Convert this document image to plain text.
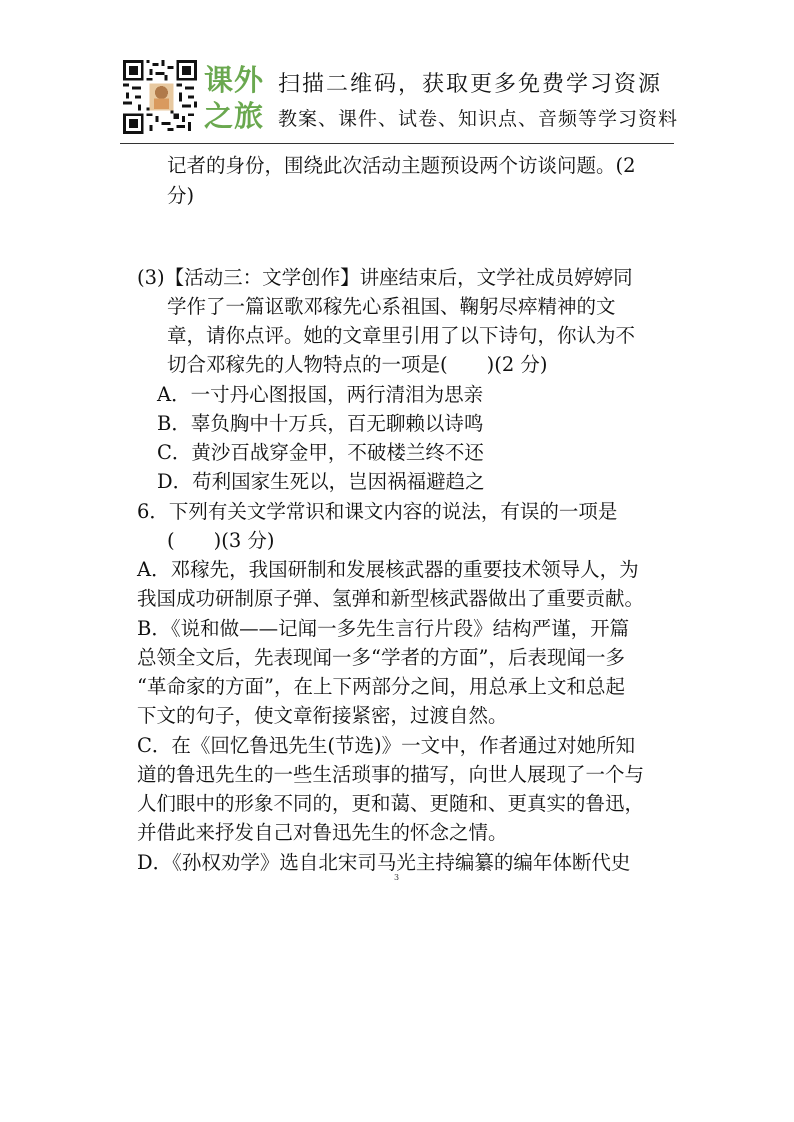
课外
之旅
扫描二维码，获取更多免费学习资源
教案、课件、试卷、知识点、音频等学习资料
记者的身份，围绕此次活动主题预设两个访谈问题。(2
分)
(3)【活动三：文学创作】讲座结束后，文学社成员婷婷同
学作了一篇讴歌邓稼先心系祖国、鞠躬尽瘁精神的文
章，请你点评。她的文章里引用了以下诗句，你认为不
切合邓稼先的人物特点的一项是(　　)(2 分)
A．一寸丹心图报国，两行清泪为思亲
B．辜负胸中十万兵，百无聊赖以诗鸣
C．黄沙百战穿金甲，不破楼兰终不还
D．苟利国家生死以，岂因祸福避趋之
6．下列有关文学常识和课文内容的说法，有误的一项是
(　　)(3 分)
A．邓稼先，我国研制和发展核武器的重要技术领导人，为
我国成功研制原子弹、氢弹和新型核武器做出了重要贡献。
B．《说和做——记闻一多先生言行片段》结构严谨，开篇
总领全文后，先表现闻一多“学者的方面”，后表现闻一多
“革命家的方面”，在上下两部分之间，用总承上文和总起
下文的句子，使文章衔接紧密，过渡自然。
C．在《回忆鲁迅先生(节选)》一文中，作者通过对她所知
道的鲁迅先生的一些生活琐事的描写，向世人展现了一个与
人们眼中的形象不同的，更和蔼、更随和、更真实的鲁迅，
并借此来抒发自己对鲁迅先生的怀念之情。
D．《孙权劝学》选自北宋司马光主持编纂的编年体断代史
3
